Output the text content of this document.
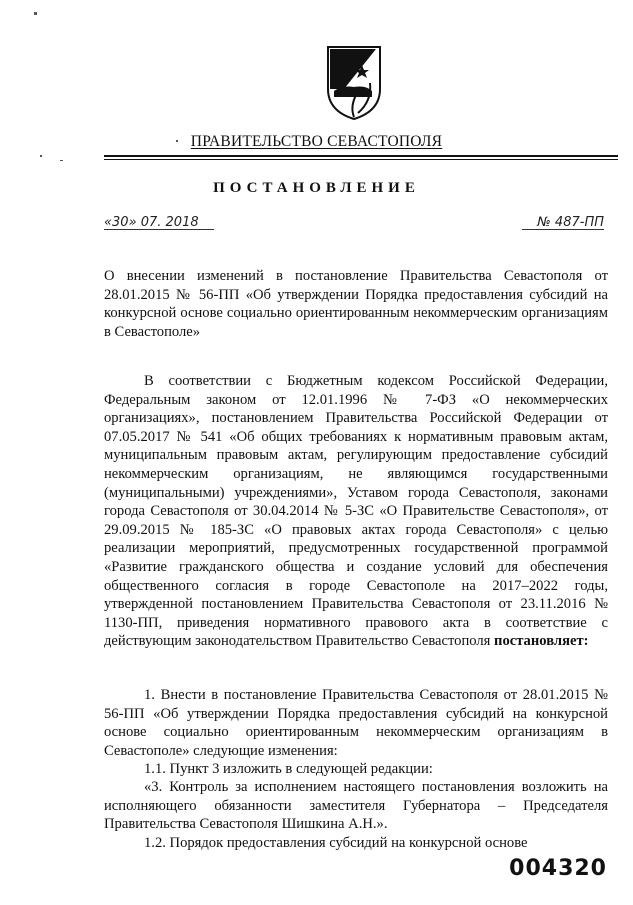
ПРАВИТЕЛЬСТВО СЕВАСТОПОЛЯ
ПОСТАНОВЛЕНИЕ
«30» 07. 2018	№ 487-ПП
О внесении изменений в постановление Правительства Севастополя от 28.01.2015 № 56-ПП «Об утверждении Порядка предоставления субсидий на конкурсной основе социально ориентированным некоммерческим организациям в Севастополе»
В соответствии с Бюджетным кодексом Российской Федерации, Федеральным законом от 12.01.1996 № 7-ФЗ «О некоммерческих организациях», постановлением Правительства Российской Федерации от 07.05.2017 № 541 «Об общих требованиях к нормативным правовым актам, муниципальным правовым актам, регулирующим предоставление субсидий некоммерческим организациям, не являющимся государственными (муниципальными) учреждениями», Уставом города Севастополя, законами города Севастополя от 30.04.2014 № 5-ЗС «О Правительстве Севастополя», от 29.09.2015 № 185-ЗС «О правовых актах города Севастополя» с целью реализации мероприятий, предусмотренных государственной программой «Развитие гражданского общества и создание условий для обеспечения общественного согласия в городе Севастополе на 2017–2022 годы, утвержденной постановлением Правительства Севастополя от 23.11.2016 № 1130-ПП, приведения нормативного правового акта в соответствие с действующим законодательством Правительство Севастополя постановляет:
1. Внести в постановление Правительства Севастополя от 28.01.2015 № 56-ПП «Об утверждении Порядка предоставления субсидий на конкурсной основе социально ориентированным некоммерческим организациям в Севастополе» следующие изменения:
1.1. Пункт 3 изложить в следующей редакции:
«3. Контроль за исполнением настоящего постановления возложить на исполняющего обязанности заместителя Губернатора – Председателя Правительства Севастополя Шишкина А.Н.».
1.2. Порядок предоставления субсидий на конкурсной основе
004320
